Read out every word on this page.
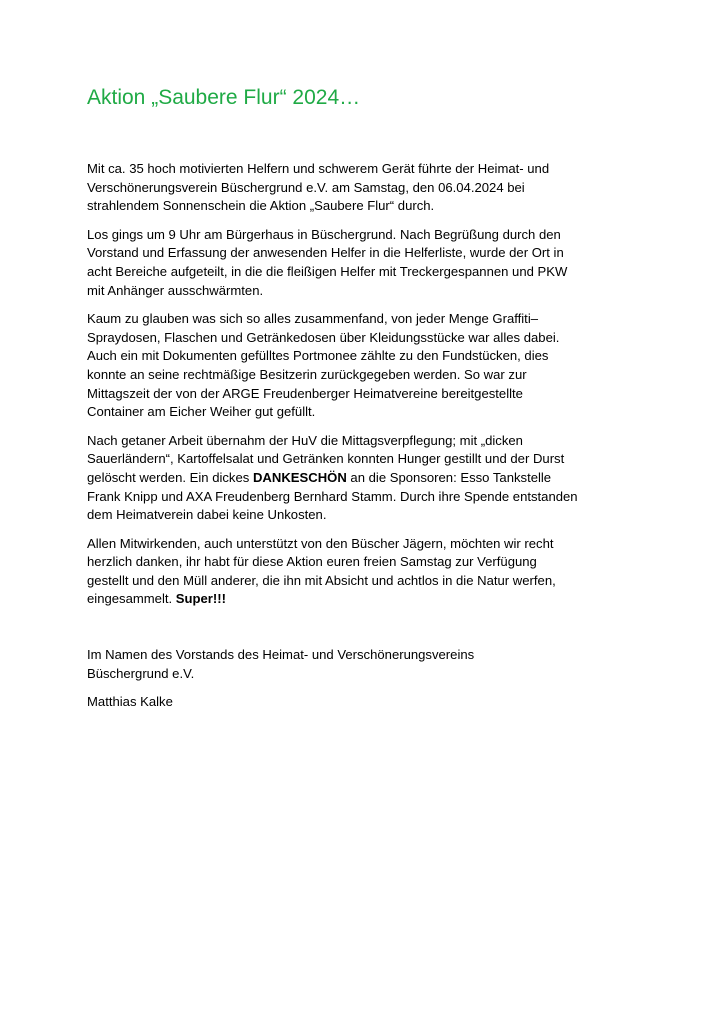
Aktion „Saubere Flur“ 2024…

Mit ca. 35 hoch motivierten Helfern und schwerem Gerät führte der Heimat- und
Verschönerungsverein Büschergrund e.V. am Samstag, den 06.04.2024 bei
strahlendem Sonnenschein die Aktion „Saubere Flur“ durch.

Los gings um 9 Uhr am Bürgerhaus in Büschergrund. Nach Begrüßung durch den
Vorstand und Erfassung der anwesenden Helfer in die Helferliste, wurde der Ort in
acht Bereiche aufgeteilt, in die die fleißigen Helfer mit Treckergespannen und PKW
mit Anhänger ausschwärmten.

Kaum zu glauben was sich so alles zusammenfand, von jeder Menge Graffiti–
Spraydosen, Flaschen und Getränkedosen über Kleidungsstücke war alles dabei.
Auch ein mit Dokumenten gefülltes Portmonee zählte zu den Fundstücken, dies
konnte an seine rechtmäßige Besitzerin zurückgegeben werden. So war zur
Mittagszeit der von der ARGE Freudenberger Heimatvereine bereitgestellte
Container am Eicher Weiher gut gefüllt.

Nach getaner Arbeit übernahm der HuV die Mittagsverpflegung; mit „dicken
Sauerländern“, Kartoffelsalat und Getränken konnten Hunger gestillt und der Durst
gelöscht werden. Ein dickes DANKESCHÖN an die Sponsoren: Esso Tankstelle
Frank Knipp und AXA Freudenberg Bernhard Stamm. Durch ihre Spende entstanden
dem Heimatverein dabei keine Unkosten.

Allen Mitwirkenden, auch unterstützt von den Büscher Jägern, möchten wir recht
herzlich danken, ihr habt für diese Aktion euren freien Samstag zur Verfügung
gestellt und den Müll anderer, die ihn mit Absicht und achtlos in die Natur werfen,
eingesammelt. Super!!!

Im Namen des Vorstands des Heimat- und Verschönerungsvereins
Büschergrund e.V.

Matthias Kalke
